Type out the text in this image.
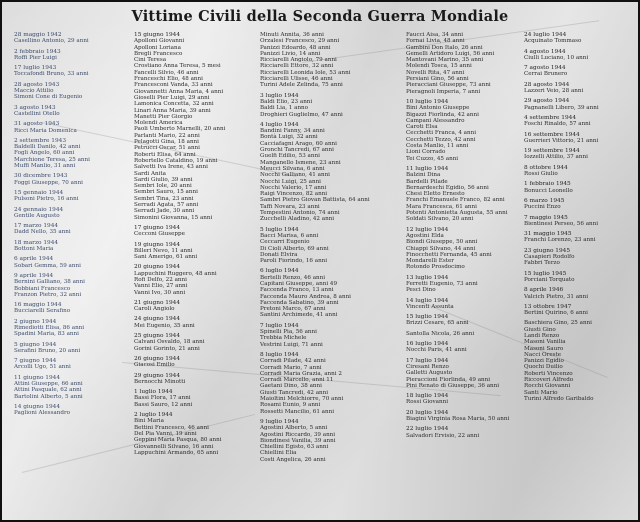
Vittime Civili della Seconda Guerra Mondiale
28 maggio 1942
Casellino Antonio, 29 anni
2 febbraio 1943
Roffi Pier Luigi
17 luglio 1943
Toccafondi Bruno, 33 anni
28 agosto 1943
Maccio Attilio
Simoni Cone di Eugenio
3 agosto 1943
Castellini Otello
31 agosto 1943
Ricci Maria Domenica
2 settembre 1943
Baldelli Danilo, 42 anni
Fogli Angelo, 60 anni
Marchione Teresa, 25 anni
Muffi Manlio, 31 anni
30 dicembre 1943
Foggi Giuseppe, 70 anni
15 gennaio 1944
Pulsoni Pietro, 16 anni
24 gennaio 1944
Gentile Augusto
17 marzo 1944
Dadd Nello, 35 anni
18 marzo 1944
Bottoni Maria
6 aprile 1944
Sobari Gemma, 59 anni
9 aprile 1944
Bernini Galliano, 38 anni
Bobbiani Francesco
Franzon Pietro, 32 anni
16 maggio 1944
Bucciarelli Serafino
2 giugno 1944
Rimediotti Elisa, 86 anni
Spadini Maria, 83 anni
5 giugno 1944
Serafini Bruno, 20 anni
7 giugno 1944
Arcolli Ugo, 51 anni
11 giugno 1944
Attini Giuseppe, 66 anni
Attini Pasquale, 62 anni
Bartolini Alberto, 5 anni
14 giugno 1944
Paglioni Alessandro
15 giugno 1944
Apolloni Giovanni
Apolloni Loriana
Bregli Francesco
Cini Teresa
Crostiano Anna Teresa, 5 mesi
Fancelli Silvio, 46 anni
Franceschi Elio, 48 anni
Francesconi Vanda, 33 anni
Giovannetti Anna Maria, 4 anni
Gioselli Pier Luigi, 29 anni
Lamonica Concetta, 32 anni
Linari Anna Maria, 39 anni
Manetti Pier Giorgio
Molendi America
Paoli Umberto Marnelli, 20 anni
Parlanti Mario, 22 anni
Pelagotti Gina, 18 anni
Petrucci Oscar, 51 anni
Roberti Elisa, 64 anni
Robertello Cataldino, 19 anni
Salvetti Iva Irene, 43 anni
Sardi Anita
Sardi Giulio, 39 anni
Sembri Iole, 20 anni
Sembri Sauro, 15 anni
Sembri Tina, 23 anni
Serradi Agata, 57 anni
Serradi Jade, 30 anni
Simonini Giovanna, 15 anni
17 giugno 1944
Cecconi Giuseppe
19 giugno 1944
Billeri Nevo, 11 anni
Sani Amerigo, 61 anni
20 giugno 1944
Lappuchini Ruggero, 48 anni
Rofi Delfo, 22 anni
Vanni Elio, 27 anni
Vanni Ivo, 30 anni
21 giugno 1944
Caroli Angiolo
24 giugno 1944
Mei Eugenio, 35 anni
25 giugno 1944
Calvani Osvaldo, 18 anni
Gorini Gorinto, 21 anni
26 giugno 1944
Giacosi Emilio
29 giugno 1944
Bernocchi Minotti
1 luglio 1944
Bassi Flora, 17 anni
Bassi Sauro, 12 anni
2 luglio 1944
Bini Maria
Bettini Francesco, 46 anni
Del Pia Vanni, 19 anni
Geppini Maria Pasqua, 80 anni
Giovannelli Silvano, 16 anni
Lappuchini Armando, 65 anni
Minuti Annita, 36 anni
Orzalesi Francesco, 29 anni
Panizzi Edoardo, 48 anni
Panizzi Livio, 14 anni
Ricciarelli Angiolo, 79 anni
Ricciarelli Ettore, 32 anni
Ricciarelli Leonida Iole, 53 anni
Ricciarelli Ulisse, 46 anni
Turini Adele Zelinda, 75 anni
3 luglio 1944
Baldi Elio, 23 anni
Baldi Lia, 1 anno
Droghieri Guglielmo, 47 anni
4 luglio 1944
Bandini Fanny, 34 anni
Bontà Luigi, 32 anni
Cacciafagni Arago, 60 anni
Gronchi Tancredi, 67 anni
Guelfi Edilio, 53 anni
Manganello Ismene, 23 anni
Meucci Silvana, 6 anni
Nocchi Galliano, 41 anni
Nocchi Luigi, 25 anni
Nocchi Valerio, 17 anni
Raigi Vincenzo, 82 anni
Sambri Pietro Giovan Battista, 64 anni
Taffi Novara, 23 anni
Tempestini Antonio, 74 anni
Zucchelli Aladino, 42 anni
5 luglio 1944
Bacci Marisa, 6 anni
Ceccarri Eugenio
Di Cioli Alberto, 69 anni
Donati Elvira
Paroli Fiorindo, 16 anni
6 luglio 1944
Bertelli Renzo, 46 anni
Capitani Giuseppe, anni 49
Faccenda Franco, 13 anni
Faccenda Mauro Andrea, 8 anni
Faccenda Sabatino, 39 anni
Pretoni Marco, 67 anni
Santini Archimede, 41 anni
7 luglio 1944
Spinelli Pia, 56 anni
Trebbia Michele
Vestrini Luigi, 71 anni
8 luglio 1944
Corradi Pilade, 42 anni
Corradi Mario, 7 anni
Corradi Maria Grazia, anni 2
Corradi Marcello, anni 11
Gaetani Dino, 38 anni
Giusti Tancredi, 42 anni
Maioltini Melchiorre, 70 anni
Rosami Eunio, 9 anni
Rossetti Mancilio, 61 anni
9 luglio 1944
Agostini Alberto, 5 anni
Agostini Riccardo, 39 anni
Biondinesi Vanilia, 39 anni
Chiellini Egisto, 63 anni
Chiellini Elia
Costi Angelica, 26 anni
Faucci Aisa, 34 anni
Fornai Livia, 48 anni
Gambini Don Italo, 26 anni
Gemelli Artidoro Luigi, 56 anni
Mantovani Marino, 35 anni
Molendi Tosca, 15 anni
Novelli Rita, 47 anni
Persiani Gino, 56 anni
Pieracciani Giuseppe, 73 anni
Pieragnoli Imperia, 7 anni
10 luglio 1944
Bini Antonio Giuseppe
Bigazzi Fiorlinda, 42 anni
Campani Alessandro
Caroti Elsa
Cecchetti Franca, 4 anni
Cecchetti Tezzo, 42 anni
Costa Manlio, 11 anni
Lioni Corrado
Tei Cuzzo, 45 anni
11 luglio 1944
Balzini Dina
Bardelli Pilade
Bernardeschi Egidio, 56 anni
Chesi Eletto Ernesto
Franchi Emanuele Franco, 82 anni
Mara Francesca, 61 anni
Potenti Antonietta Augusta, 55 anni
Soldati Silvano, 20 anni
12 luglio 1944
Agostini Elda
Biondi Giuseppe, 50 anni
Chiappi Silvano, 44 anni
Finocchetti Fernanda, 45 anni
Mondarelli Ester
Rotondo Prosdocimo
13 luglio 1944
Ferretti Eugenio, 73 anni
Pesci Dino
14 luglio 1944
Vincenti Assunta
15 luglio 1944
Brizzi Cesare, 65 anni
Santolla Nicola, 26 anni
16 luglio 1944
Nocchi Paris, 41 anni
17 luglio 1944
Ciresani Renzo
Galletti Augusto
Pieraccioni Fiorlinda, 49 anni
Pini Renato di Giuseppe, 36 anni
18 luglio 1944
Rossi Giovanni
20 luglio 1944
Biagini Virginia Rosa Maria, 50 anni
22 luglio 1944
Salvadori Ervisio, 22 anni
24 luglio 1944
Acquinato Tommaso
4 agosto 1944
Ciulli Luciano, 10 anni
7 agosto 1944
Cerrai Brunero
28 agosto 1944
Lazzeri Veio, 28 anni
29 agosto 1944
Pagnanelli Libero, 39 anni
4 settembre 1944
Foschi Rinaldo, 57 anni
16 settembre 1944
Guerrieri Vittorio, 21 anni
19 settembre 1944
Iozzelli Attilio, 37 anni
8 ottobre 1944
Rossi Giulio
1 febbraio 1945
Bonucci Leonello
6 marzo 1945
Puccini Enzo
7 maggio 1945
Bientinesi Perseo, 56 anni
31 maggio 1945
Franchi Lorenzo, 23 anni
23 giugno 1945
Casapieri Rodolfo
Fabbri Terzo
15 luglio 1945
Porciani Torquato
8 aprile 1946
Valcich Pietro, 31 anni
13 ottobre 1947
Bertini Quirino, 6 anni
Baschiera Gino, 25 anni
Giusti Gino
Landi Renzo
Masoni Vanilia
Masoni Sauro
Nacci Oreste
Panizzi Egidio
Quochi Duilio
Roberti Vincenzo
Riccoveri Alfredo
Rocchi Giovanni
Santi Mario
Turini Alfredo Garibaldo
